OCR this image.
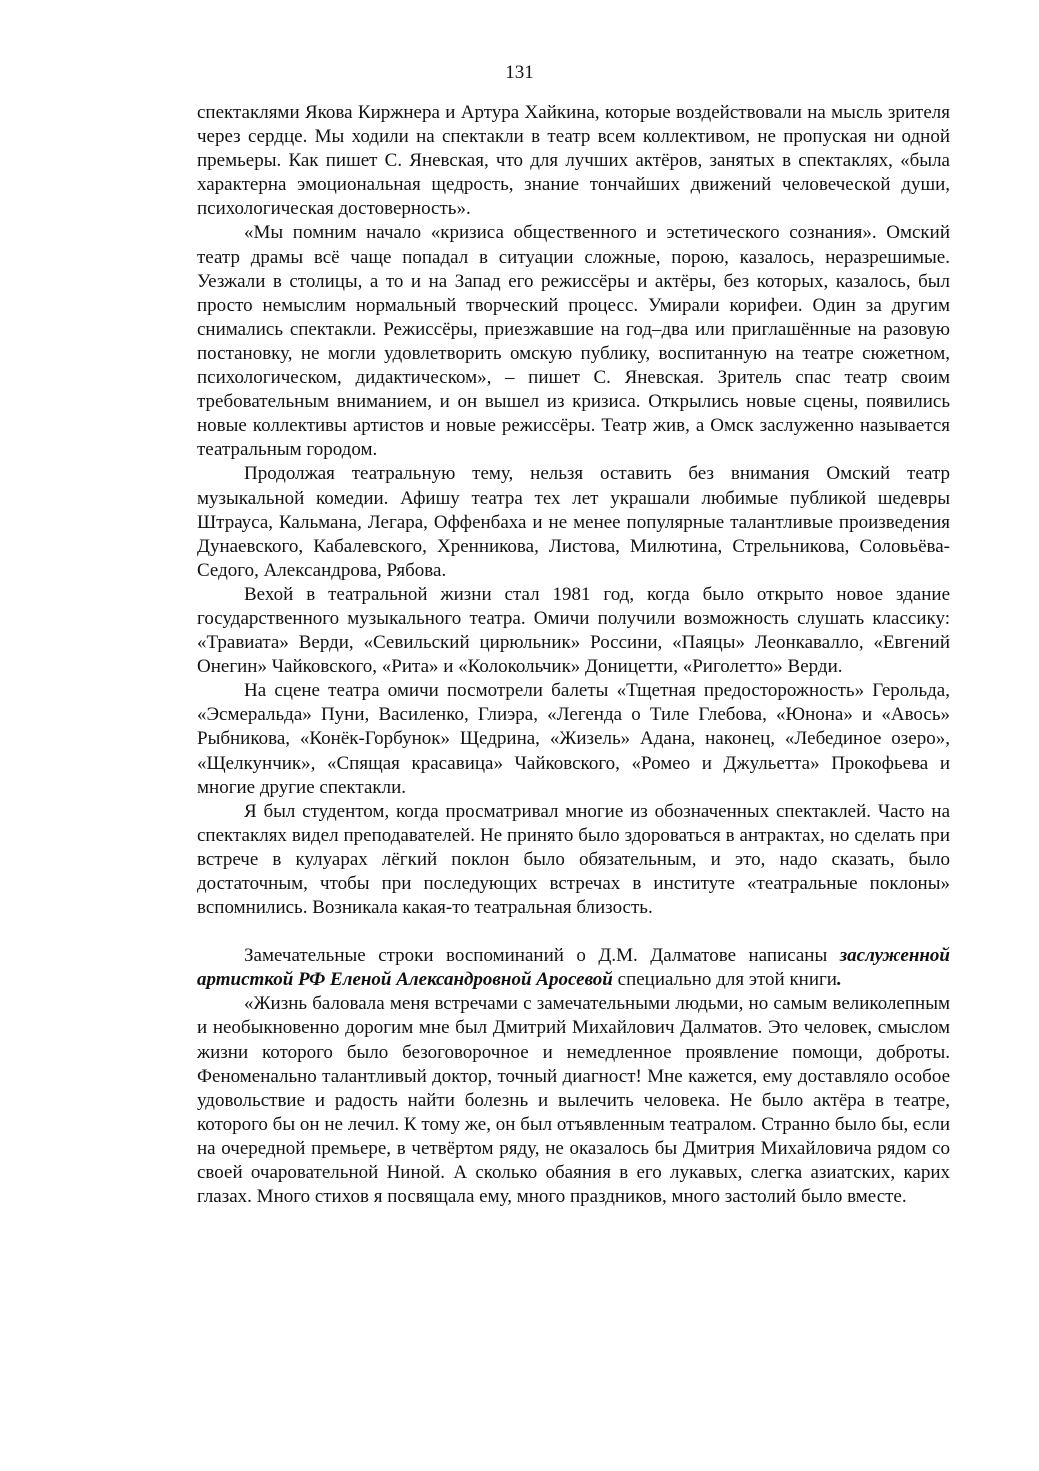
131

спектаклями Якова Киржнера и Артура Хайкина, которые воздействовали на мысль зрителя через сердце. Мы ходили на спектакли в театр всем коллективом, не пропуская ни одной премьеры. Как пишет С. Яневская, что для лучших актёров, занятых в спектаклях, «была характерна эмоциональная щедрость, знание тончайших движений человеческой души, психологическая достоверность».

«Мы помним начало «кризиса общественного и эстетического сознания». Омский театр драмы всё чаще попадал в ситуации сложные, порою, казалось, неразрешимые. Уезжали в столицы, а то и на Запад его режиссёры и актёры, без которых, казалось, был просто немыслим нормальный творческий процесс. Умирали корифеи. Один за другим снимались спектакли. Режиссёры, приезжавшие на год–два или приглашённые на разовую постановку, не могли удовлетворить омскую публику, воспитанную на театре сюжетном, психологическом, дидактическом», – пишет С. Яневская. Зритель спас театр своим требовательным вниманием, и он вышел из кризиса. Открылись новые сцены, появились новые коллективы артистов и новые режиссёры. Театр жив, а Омск заслуженно называется театральным городом.

Продолжая театральную тему, нельзя оставить без внимания Омский театр музыкальной комедии. Афишу театра тех лет украшали любимые публикой шедевры Штрауса, Кальмана, Легара, Оффенбаха и не менее популярные талантливые произведения Дунаевского, Кабалевского, Хренникова, Листова, Милютина, Стрельникова, Соловьёва-Седого, Александрова, Рябова.

Вехой в театральной жизни стал 1981 год, когда было открыто новое здание государственного музыкального театра. Омичи получили возможность слушать классику: «Травиата» Верди, «Севильский цирюльник» Россини, «Паяцы» Леонкавалло, «Евгений Онегин» Чайковского, «Рита» и «Колокольчик» Доницетти, «Риголетто» Верди.

На сцене театра омичи посмотрели балеты «Тщетная предосторожность» Герольда, «Эсмеральда» Пуни, Василенко, Глиэра, «Легенда о Тиле Глебова, «Юнона» и «Авось» Рыбникова, «Конёк-Горбунок» Щедрина, «Жизель» Адана, наконец, «Лебединое озеро», «Щелкунчик», «Спящая красавица» Чайковского, «Ромео и Джульетта» Прокофьева и многие другие спектакли.

Я был студентом, когда просматривал многие из обозначенных спектаклей. Часто на спектаклях видел преподавателей. Не принято было здороваться в антрактах, но сделать при встрече в кулуарах лёгкий поклон было обязательным, и это, надо сказать, было достаточным, чтобы при последующих встречах в институте «театральные поклоны» вспомнились. Возникала какая-то театральная близость.

Замечательные строки воспоминаний о Д.М. Далматове написаны заслуженной артисткой РФ Еленой Александровной Аросевой специально для этой книги.

«Жизнь баловала меня встречами с замечательными людьми, но самым великолепным и необыкновенно дорогим мне был Дмитрий Михайлович Далматов. Это человек, смыслом жизни которого было безоговорочное и немедленное проявление помощи, доброты. Феноменально талантливый доктор, точный диагност! Мне кажется, ему доставляло особое удовольствие и радость найти болезнь и вылечить человека. Не было актёра в театре, которого бы он не лечил. К тому же, он был отъявленным театралом. Странно было бы, если на очередной премьере, в четвёртом ряду, не оказалось бы Дмитрия Михайловича рядом со своей очаровательной Ниной. А сколько обаяния в его лукавых, слегка азиатских, карих глазах. Много стихов я посвящала ему, много праздников, много застолий было вместе.
